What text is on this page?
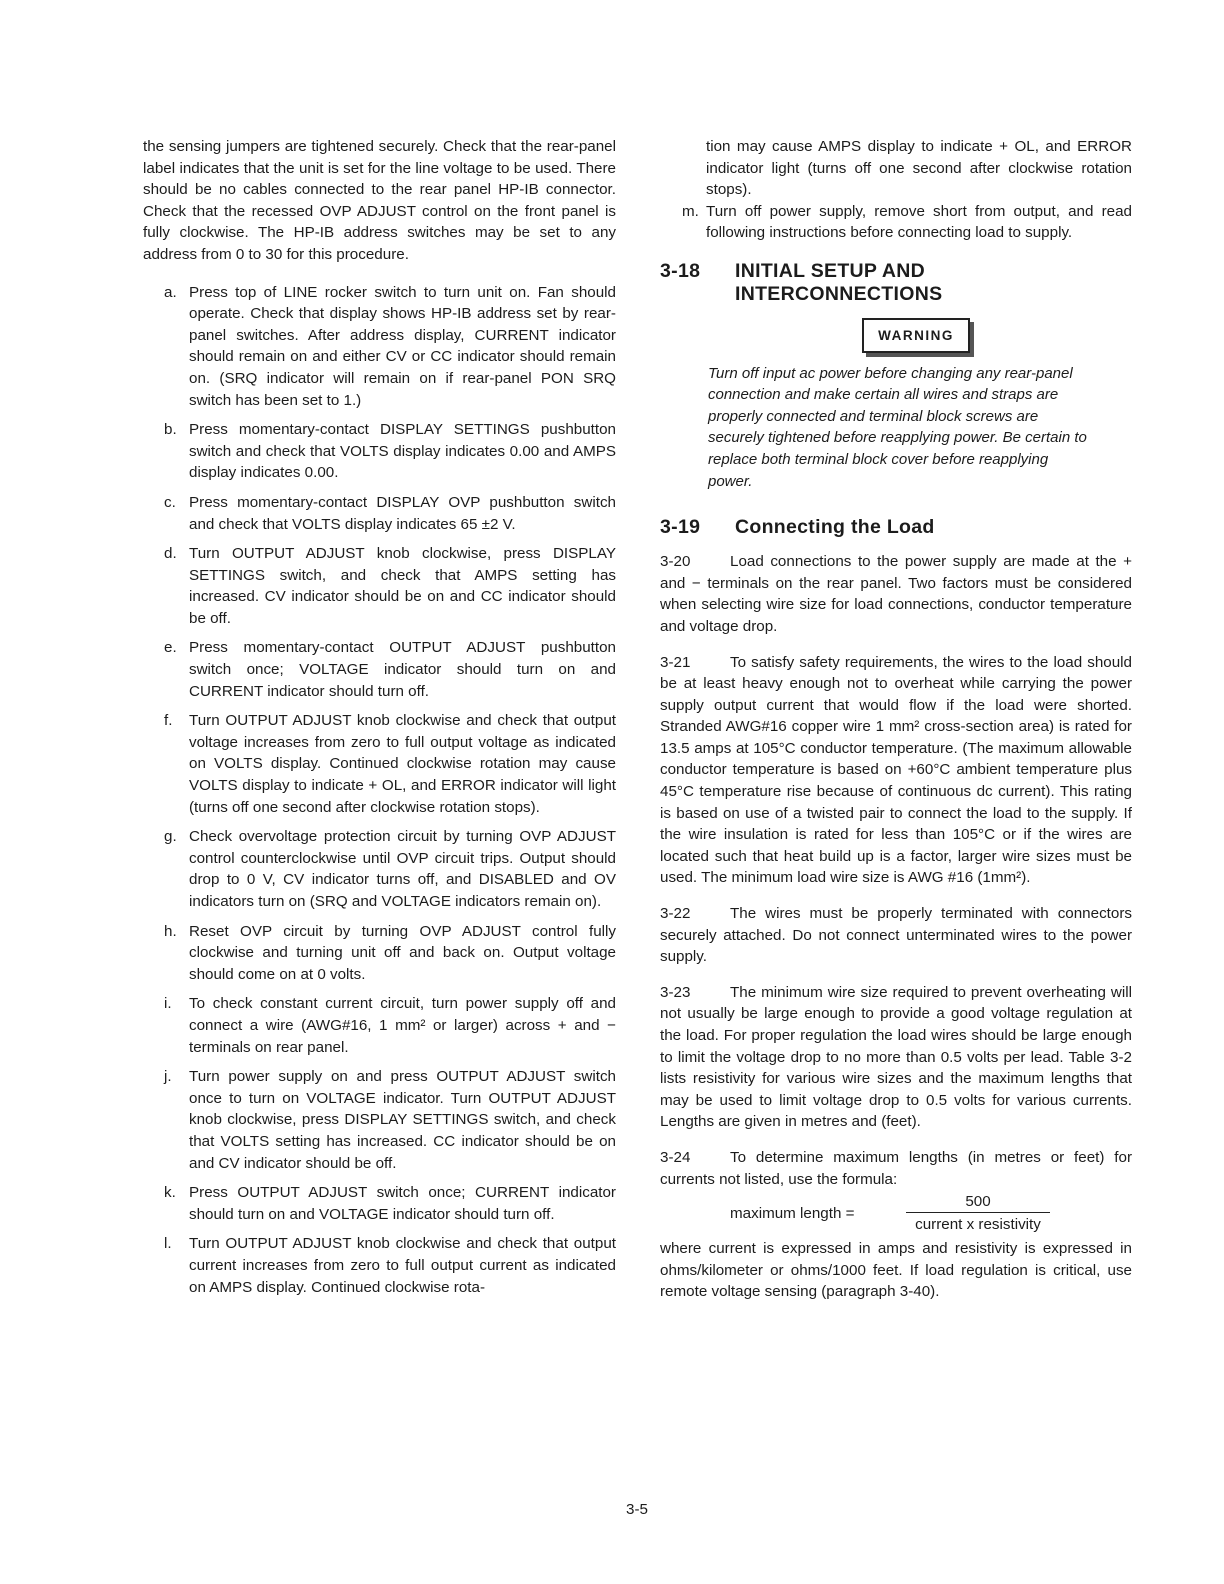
the sensing jumpers are tightened securely. Check that the rear-panel label indicates that the unit is set for the line voltage to be used. There should be no cables connected to the rear panel HP-IB connector. Check that the recessed OVP ADJUST control on the front panel is fully clockwise. The HP-IB address switches may be set to any address from 0 to 30 for this procedure.

a. Press top of LINE rocker switch to turn unit on. Fan should operate. Check that display shows HP-IB address set by rear-panel switches. After address display, CURRENT indicator should remain on and either CV or CC indicator should remain on. (SRQ indicator will remain on if rear-panel PON SRQ switch has been set to 1.)
b. Press momentary-contact DISPLAY SETTINGS pushbutton switch and check that VOLTS display indicates 0.00 and AMPS display indicates 0.00.
c. Press momentary-contact DISPLAY OVP pushbutton switch and check that VOLTS display indicates 65 ±2 V.
d. Turn OUTPUT ADJUST knob clockwise, press DISPLAY SETTINGS switch, and check that AMPS setting has increased. CV indicator should be on and CC indicator should be off.
e. Press momentary-contact OUTPUT ADJUST pushbutton switch once; VOLTAGE indicator should turn on and CURRENT indicator should turn off.
f. Turn OUTPUT ADJUST knob clockwise and check that output voltage increases from zero to full output voltage as indicated on VOLTS display. Continued clockwise rotation may cause VOLTS display to indicate + OL, and ERROR indicator will light (turns off one second after clockwise rotation stops).
g. Check overvoltage protection circuit by turning OVP ADJUST control counterclockwise until OVP circuit trips. Output should drop to 0 V, CV indicator turns off, and DISABLED and OV indicators turn on (SRQ and VOLTAGE indicators remain on).
h. Reset OVP circuit by turning OVP ADJUST control fully clockwise and turning unit off and back on. Output voltage should come on at 0 volts.
i. To check constant current circuit, turn power supply off and connect a wire (AWG#16, 1 mm² or larger) across + and − terminals on rear panel.
j. Turn power supply on and press OUTPUT ADJUST switch once to turn on VOLTAGE indicator. Turn OUTPUT ADJUST knob clockwise, press DISPLAY SETTINGS switch, and check that VOLTS setting has increased. CC indicator should be on and CV indicator should be off.
k. Press OUTPUT ADJUST switch once; CURRENT indicator should turn on and VOLTAGE indicator should turn off.
l. Turn OUTPUT ADJUST knob clockwise and check that output current increases from zero to full output current as indicated on AMPS display. Continued clockwise rota-

tion may cause AMPS display to indicate + OL, and ERROR indicator light (turns off one second after clockwise rotation stops).

m. Turn off power supply, remove short from output, and read following instructions before connecting load to supply.
3-18	INITIAL SETUP AND
INTERCONNECTIONS
WARNING

Turn off input ac power before changing any rear-panel connection and make certain all wires and straps are properly connected and terminal block screws are securely tightened before reapplying power. Be certain to replace both terminal block cover before reapplying power.

3-19	Connecting the Load

3-20	Load connections to the power supply are made at the + and − terminals on the rear panel. Two factors must be considered when selecting wire size for load connections, conductor temperature and voltage drop.

3-21	To satisfy safety requirements, the wires to the load should be at least heavy enough not to overheat while carrying the power supply output current that would flow if the load were shorted. Stranded AWG#16 copper wire 1 mm² cross-section area) is rated for 13.5 amps at 105°C conductor temperature. (The maximum allowable conductor temperature is based on +60°C ambient temperature plus 45°C temperature rise because of continuous dc current). This rating is based on use of a twisted pair to connect the load to the supply. If the wire insulation is rated for less than 105°C or if the wires are located such that heat build up is a factor, larger wire sizes must be used. The minimum load wire size is AWG #16 (1mm²).

3-22	The wires must be properly terminated with connectors securely attached. Do not connect unterminated wires to the power supply.

3-23	The minimum wire size required to prevent overheating will not usually be large enough to provide a good voltage regulation at the load. For proper regulation the load wires should be large enough to limit the voltage drop to no more than 0.5 volts per lead. Table 3-2 lists resistivity for various wire sizes and the maximum lengths that may be used to limit voltage drop to 0.5 volts for various currents. Lengths are given in metres and (feet).

3-24	To determine maximum lengths (in metres or feet) for currents not listed, use the formula:

maximum length =
500
current x resistivity

where current is expressed in amps and resistivity is expressed in ohms/kilometer or ohms/1000 feet. If load regulation is critical, use remote voltage sensing (paragraph 3-40).

3-5
